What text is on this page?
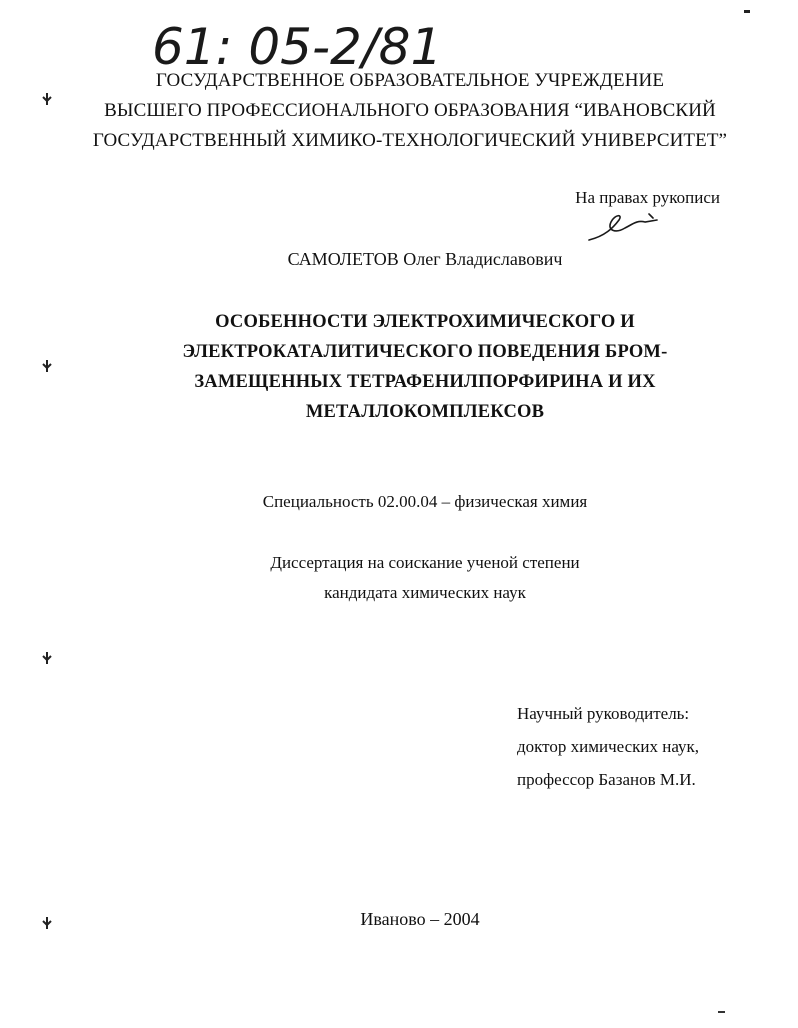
61: 05-2/81
ГОСУДАРСТВЕННОЕ ОБРАЗОВАТЕЛЬНОЕ УЧРЕЖДЕНИЕ
ВЫСШЕГО ПРОФЕССИОНАЛЬНОГО ОБРАЗОВАНИЯ “ИВАНОВСКИЙ
ГОСУДАРСТВЕННЫЙ ХИМИКО-ТЕХНОЛОГИЧЕСКИЙ УНИВЕРСИТЕТ”
На правах рукописи
САМОЛЕТОВ Олег Владиславович
ОСОБЕННОСТИ ЭЛЕКТРОХИМИЧЕСКОГО И
ЭЛЕКТРОКАТАЛИТИЧЕСКОГО ПОВЕДЕНИЯ БРОМ-
ЗАМЕЩЕННЫХ ТЕТРАФЕНИЛПОРФИРИНА И ИХ
МЕТАЛЛОКОМПЛЕКСОВ
Специальность 02.00.04 – физическая химия
Диссертация на соискание ученой степени
кандидата химических наук
Научный руководитель:
доктор химических наук,
профессор Базанов М.И.
Иваново – 2004
